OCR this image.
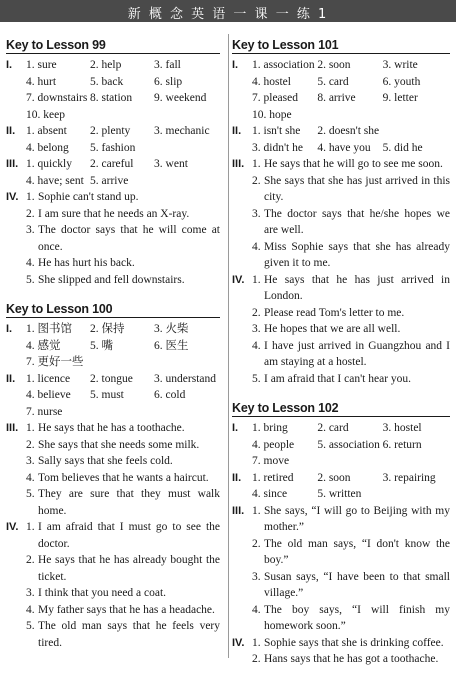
新 概 念 英 语 一 课 一 练 1
Key to Lesson 99
I.	1. sure	2. help	3. fall
4. hurt	5. back	6. slip
7. downstairs 8. station	9. weekend
10. keep
II. 1. absent	2. plenty	3. mechanic
4. belong	5. fashion
III. 1. quickly	2. careful	3. went
4. have; sent 5. arrive
IV. 1. Sophie can't stand up.
2. I am sure that he needs an X-ray.
3. The doctor says that he will come at once.
4. He has hurt his back.
5. She slipped and fell downstairs.
Key to Lesson 100
I.	1. 图书馆	2. 保持	3. 火柴
4. 感觉	5. 嘴	6. 医生
7. 更好一些
II. 1. licence	2. tongue	3. understand
4. believe	5. must	6. cold
7. nurse
III. 1. He says that he has a toothache.
2. She says that she needs some milk.
3. Sally says that she feels cold.
4. Tom believes that he wants a haircut.
5. They are sure that they must walk home.
IV. 1. I am afraid that I must go to see the doctor.
2. He says that he has already bought the ticket.
3. I think that you need a coat.
4. My father says that he has a headache.
5. The old man says that he feels very tired.
Key to Lesson 101
I.	1. association 2. soon	3. write
4. hostel	5. card	6. youth
7. pleased	8. arrive	9. letter
10. hope
II. 1. isn't she	2. doesn't she
3. didn't he	4. have you	5. did he
III. 1. He says that he will go to see me soon.
2. She says that she has just arrived in this city.
3. The doctor says that he/she hopes we are well.
4. Miss Sophie says that she has already given it to me.
IV. 1. He says that he has just arrived in London.
2. Please read Tom's letter to me.
3. He hopes that we are all well.
4. I have just arrived in Guangzhou and I am staying at a hostel.
5. I am afraid that I can't hear you.
Key to Lesson 102
I.	1. bring	2. card	3. hostel
4. people	5. association 6. return
7. move
II. 1. retired	2. soon	3. repairing
4. since	5. written
III. 1. She says, “I will go to Beijing with my mother.”
2. The old man says, “I don't know the boy.”
3. Susan says, “I have been to that small village.”
4. The boy says, “I will finish my homework soon.”
IV. 1. Sophie says that she is drinking coffee.
2. Hans says that he has got a toothache.
